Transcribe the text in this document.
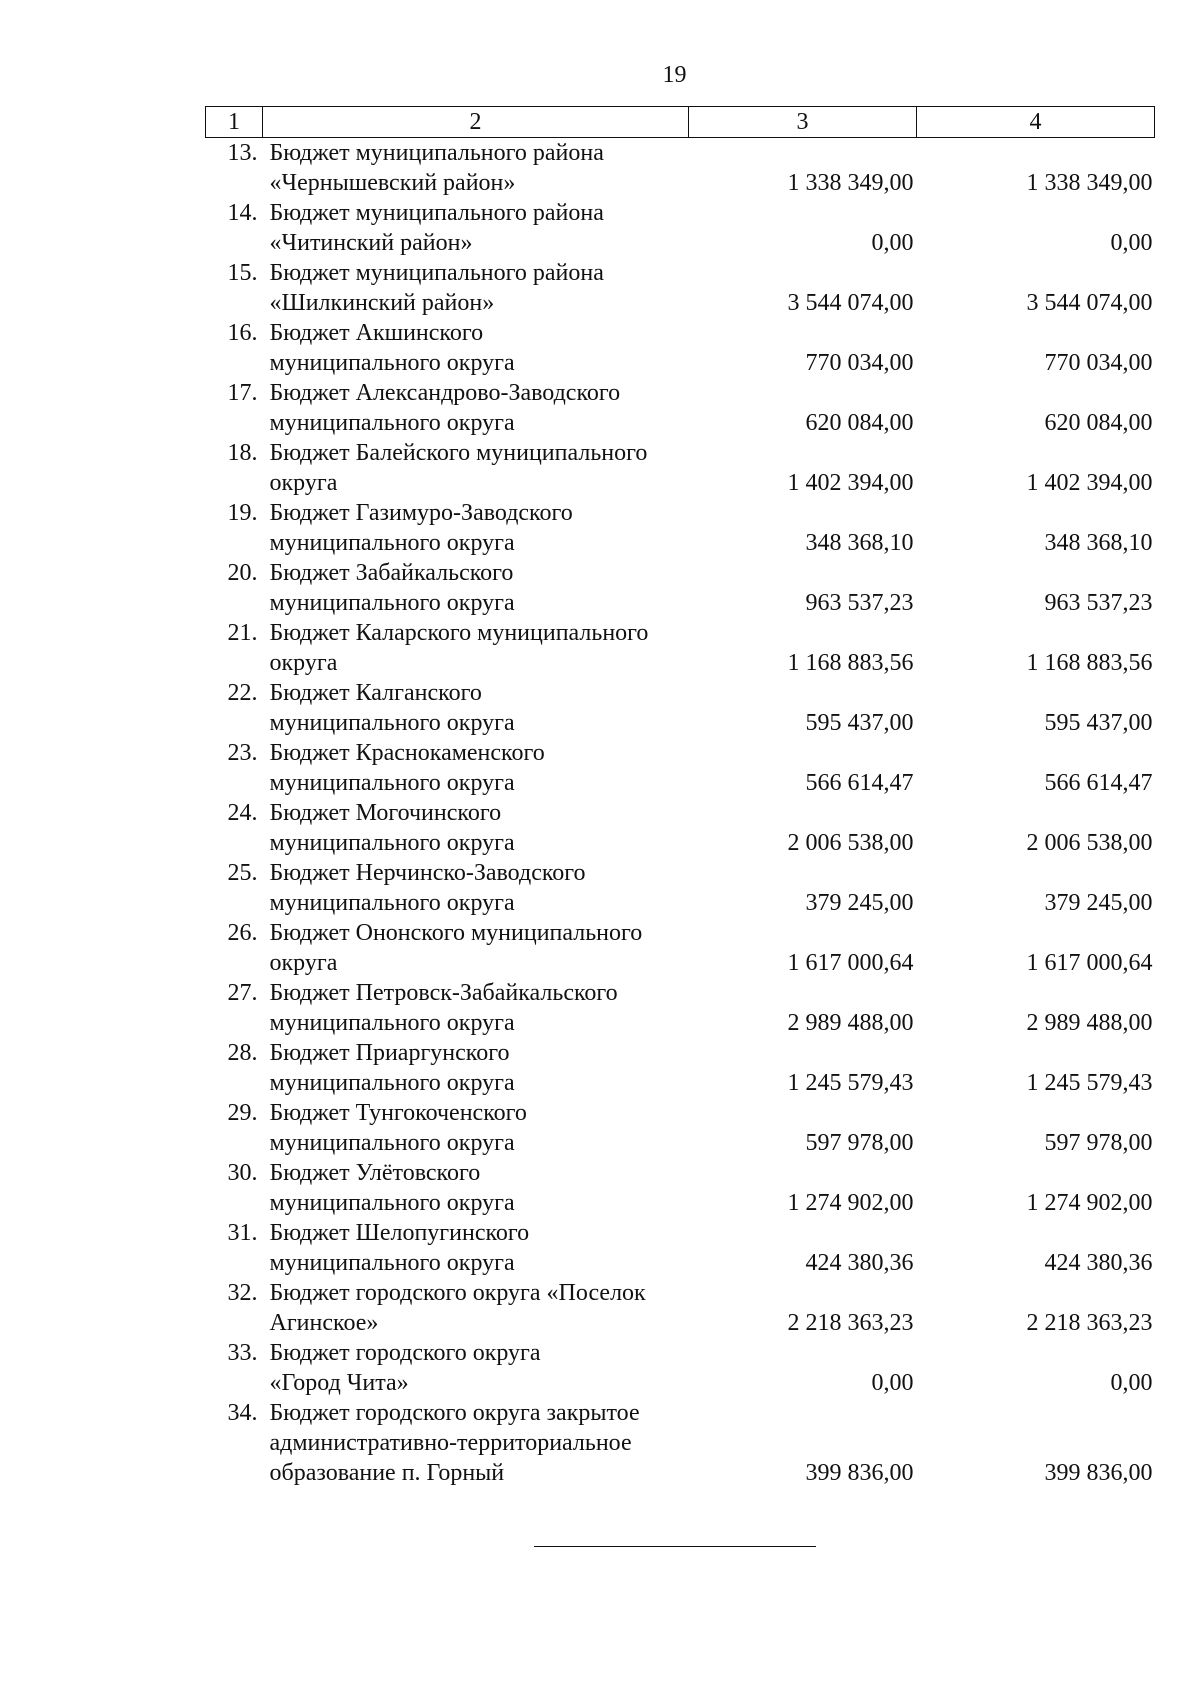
19
1	2	3	4
13.	Бюджет муниципального района
«Чернышевский район»	1 338 349,00	1 338 349,00
14.	Бюджет муниципального района
«Читинский район»	0,00	0,00
15.	Бюджет муниципального района
«Шилкинский район»	3 544 074,00	3 544 074,00
16.	Бюджет Акшинского
муниципального округа	770 034,00	770 034,00
17.	Бюджет Александрово-Заводского
муниципального округа	620 084,00	620 084,00
18.	Бюджет Балейского муниципального
округа	1 402 394,00	1 402 394,00
19.	Бюджет Газимуро-Заводского
муниципального округа	348 368,10	348 368,10
20.	Бюджет Забайкальского
муниципального округа	963 537,23	963 537,23
21.	Бюджет Каларского муниципального
округа	1 168 883,56	1 168 883,56
22.	Бюджет Калганского
муниципального округа	595 437,00	595 437,00
23.	Бюджет Краснокаменского
муниципального округа	566 614,47	566 614,47
24.	Бюджет Могочинского
муниципального округа	2 006 538,00	2 006 538,00
25.	Бюджет Нерчинско-Заводского
муниципального округа	379 245,00	379 245,00
26.	Бюджет Ононского муниципального
округа	1 617 000,64	1 617 000,64
27.	Бюджет Петровск-Забайкальского
муниципального округа	2 989 488,00	2 989 488,00
28.	Бюджет Приаргунского
муниципального округа	1 245 579,43	1 245 579,43
29.	Бюджет Тунгокоченского
муниципального округа	597 978,00	597 978,00
30.	Бюджет Улётовского
муниципального округа	1 274 902,00	1 274 902,00
31.	Бюджет Шелопугинского
муниципального округа	424 380,36	424 380,36
32.	Бюджет городского округа «Поселок
Агинское»	2 218 363,23	2 218 363,23
33.	Бюджет городского округа
«Город Чита»	0,00	0,00
34.	Бюджет городского округа закрытое
административно-территориальное
образование п. Горный	399 836,00	399 836,00
